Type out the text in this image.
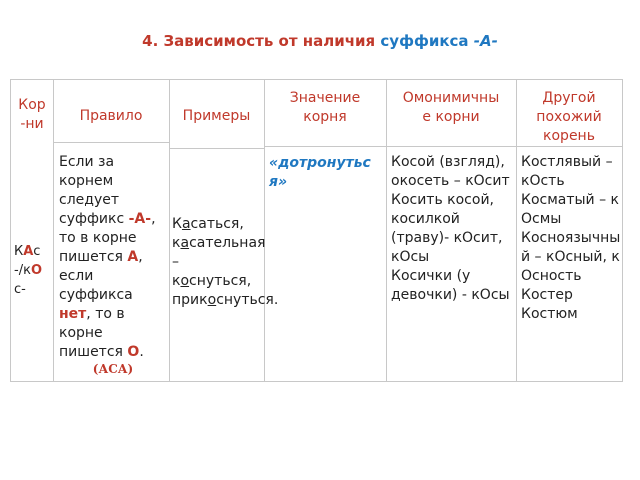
4. Зависимость от наличия суффикса -А-
Кор
-ни	Правило	Примеры
Значение
корня
Омонимичны
е корни
Другой
похожий
корень
КАс
-/кО
с-
Если за корнем следует суффикс -А-, то в корне пишется А, если суффикса нет, то в корне пишется О.
(АСА)
Касаться,
касательная –
коснуться,
прикоснуться.
«дотронуться»
Косой (взгляд), окосеть – кОсит
Косить косой, косилкой (траву)- кОсит, кОсы
Косички (у девочки) - кОсы
Костлявый – кОсть
Косматый – кОсмы
Косноязычный – кОсный, кОсность
Костер
Костюм
